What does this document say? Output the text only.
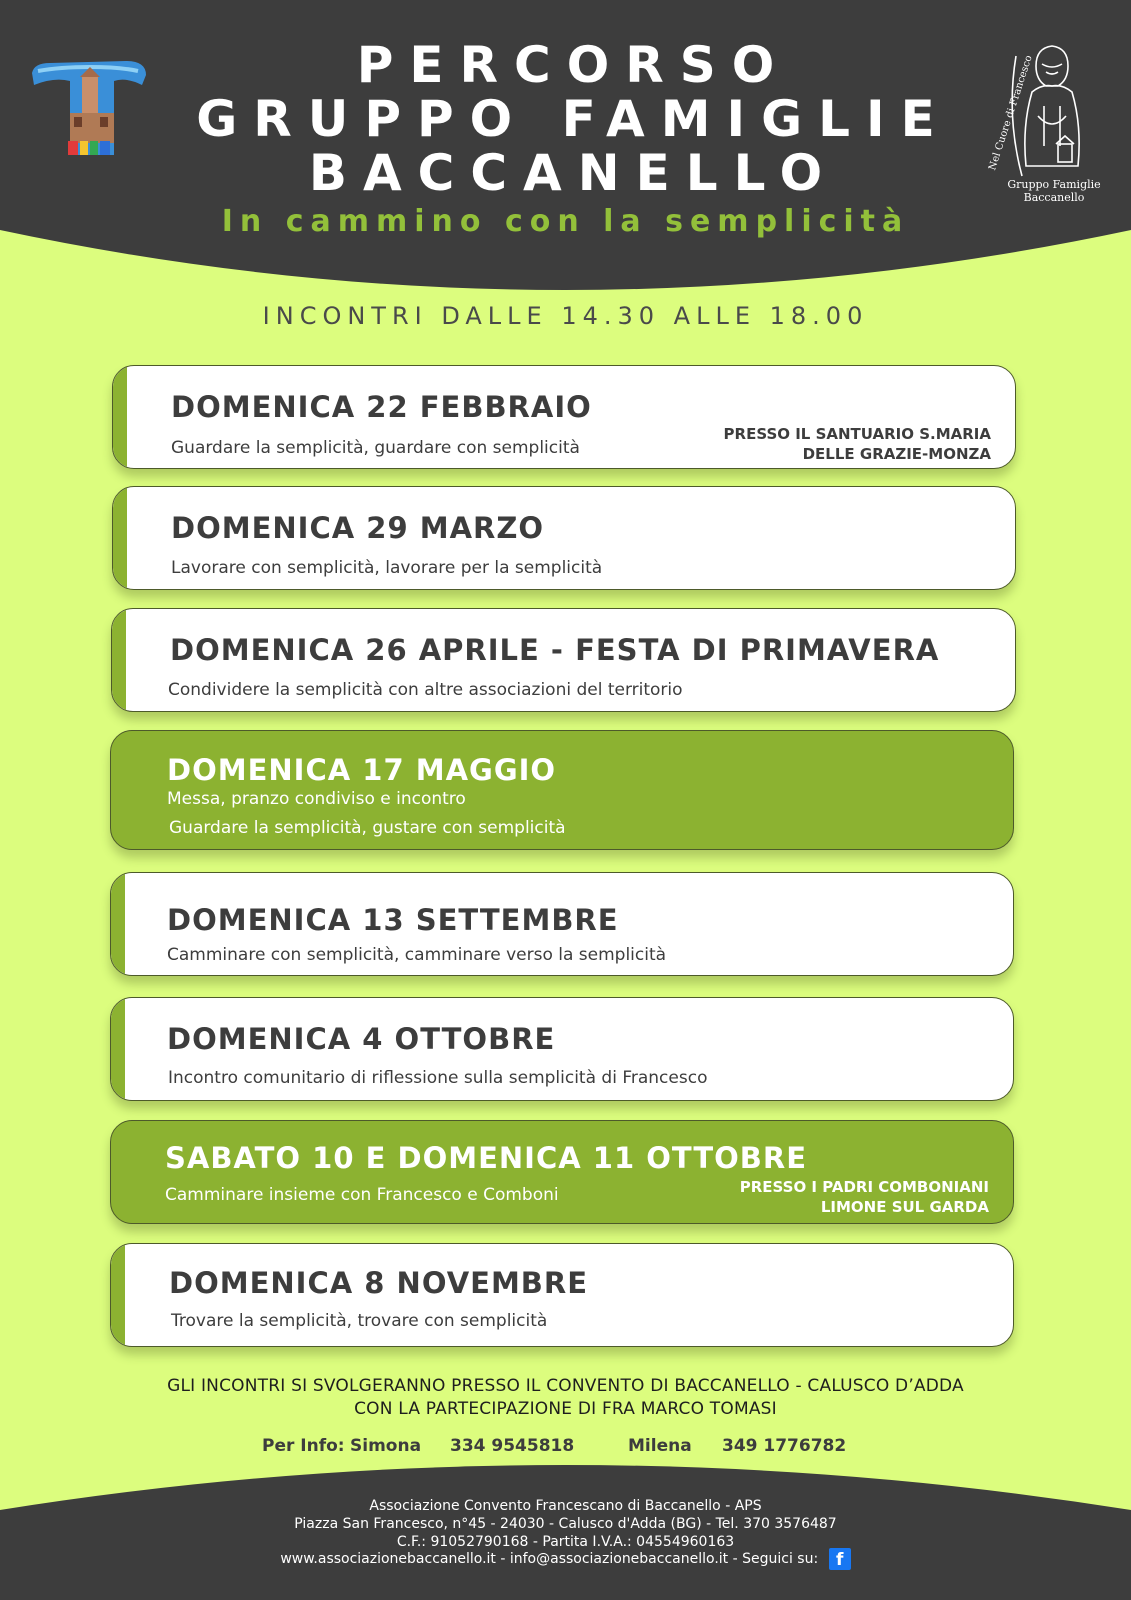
Gruppo Famiglie
Baccanello
Nel Cuore di Francesco
PERCORSO
GRUPPO FAMIGLIE
BACCANELLO
In cammino con la semplicità
INCONTRI DALLE 14.30 ALLE 18.00
DOMENICA 22 FEBBRAIO
Guardare la semplicità, guardare con semplicità
PRESSO IL SANTUARIO S.MARIA
DELLE GRAZIE-MONZA
DOMENICA 29 MARZO
Lavorare con semplicità, lavorare per la semplicità
DOMENICA 26 APRILE - FESTA DI PRIMAVERA
Condividere la semplicità con altre associazioni del territorio
DOMENICA 17 MAGGIO
Messa, pranzo condiviso e incontro
Guardare la semplicità, gustare con semplicità
DOMENICA 13 SETTEMBRE
Camminare con semplicità, camminare verso la semplicità
DOMENICA 4 OTTOBRE
Incontro comunitario di riflessione sulla semplicità di Francesco
SABATO 10 E DOMENICA 11 OTTOBRE
Camminare insieme con Francesco e Comboni	PRESSO I PADRI COMBONIANI
LIMONE SUL GARDA
DOMENICA 8 NOVEMBRE
Trovare la semplicità, trovare con semplicità
GLI INCONTRI SI SVOLGERANNO PRESSO IL CONVENTO DI BACCANELLO - CALUSCO D’ADDA
CON LA PARTECIPAZIONE DI FRA MARCO TOMASI
Per Info: Simona 334 9545818	Milena 349 1776782
Associazione Convento Francescano di Baccanello - APS
Piazza San Francesco, n°45 - 24030 - Calusco d'Adda (BG) - Tel. 370 3576487
C.F.: 91052790168 - Partita I.V.A.: 04554960163
www.associazionebaccanello.it - info@associazionebaccanello.it - Seguici su: f
